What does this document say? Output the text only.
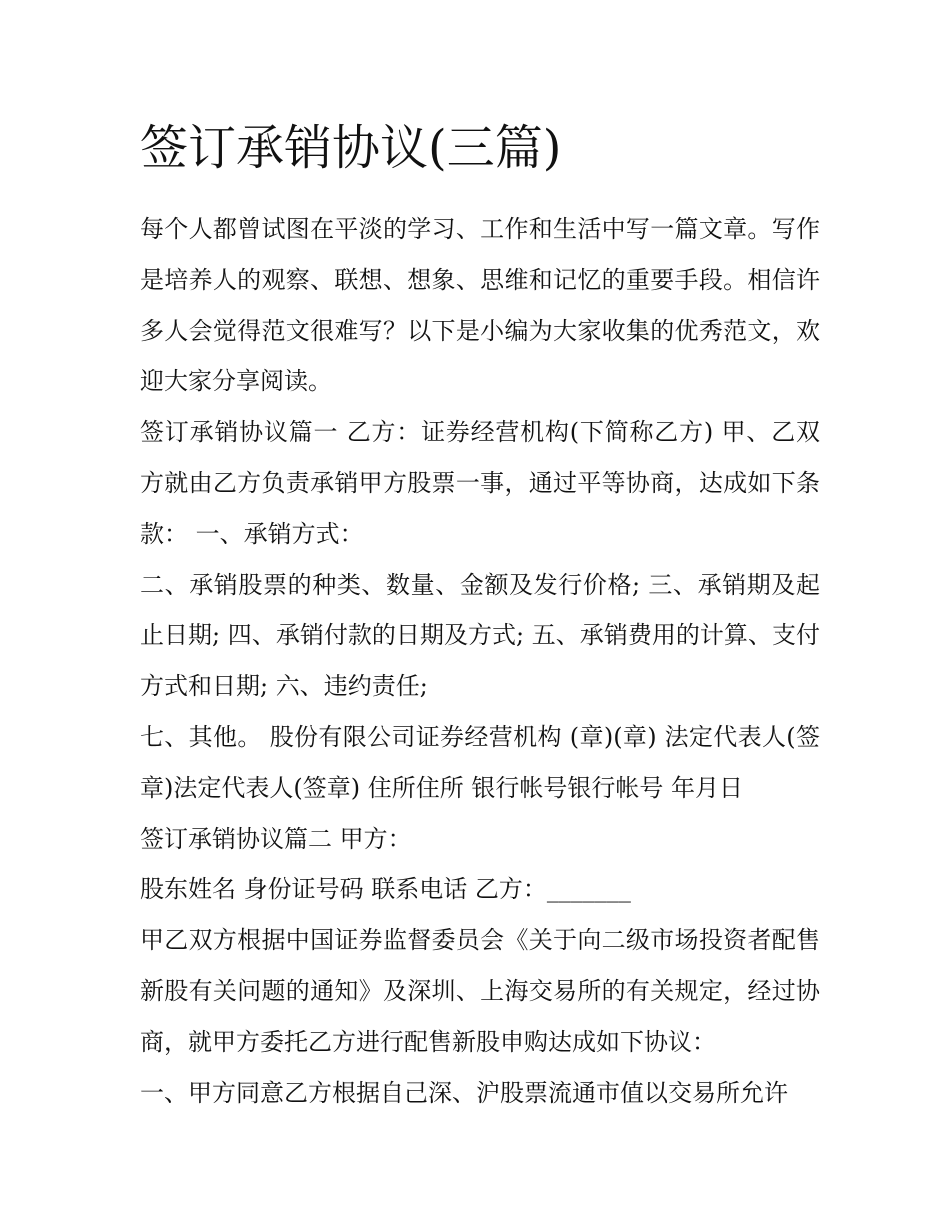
签订承销协议(三篇)

每个人都曾试图在平淡的学习、工作和生活中写一篇文章。写作是培养人的观察、联想、想象、思维和记忆的重要手段。相信许多人会觉得范文很难写？以下是小编为大家收集的优秀范文，欢迎大家分享阅读。

签订承销协议篇一 乙方：证券经营机构(下简称乙方) 甲、乙双方就由乙方负责承销甲方股票一事，通过平等协商，达成如下条款： 一、承销方式：

二、承销股票的种类、数量、金额及发行价格; 三、承销期及起止日期; 四、承销付款的日期及方式; 五、承销费用的计算、支付方式和日期; 六、违约责任;

七、其他。 股份有限公司证券经营机构 (章)(章) 法定代表人(签章)法定代表人(签章) 住所住所 银行帐号银行帐号 年月日

签订承销协议篇二 甲方：

股东姓名 身份证号码 联系电话 乙方：_______

甲乙双方根据中国证券监督委员会《关于向二级市场投资者配售新股有关问题的通知》及深圳、上海交易所的有关规定，经过协商，就甲方委托乙方进行配售新股申购达成如下协议：

一、甲方同意乙方根据自己深、沪股票流通市值以交易所允许
